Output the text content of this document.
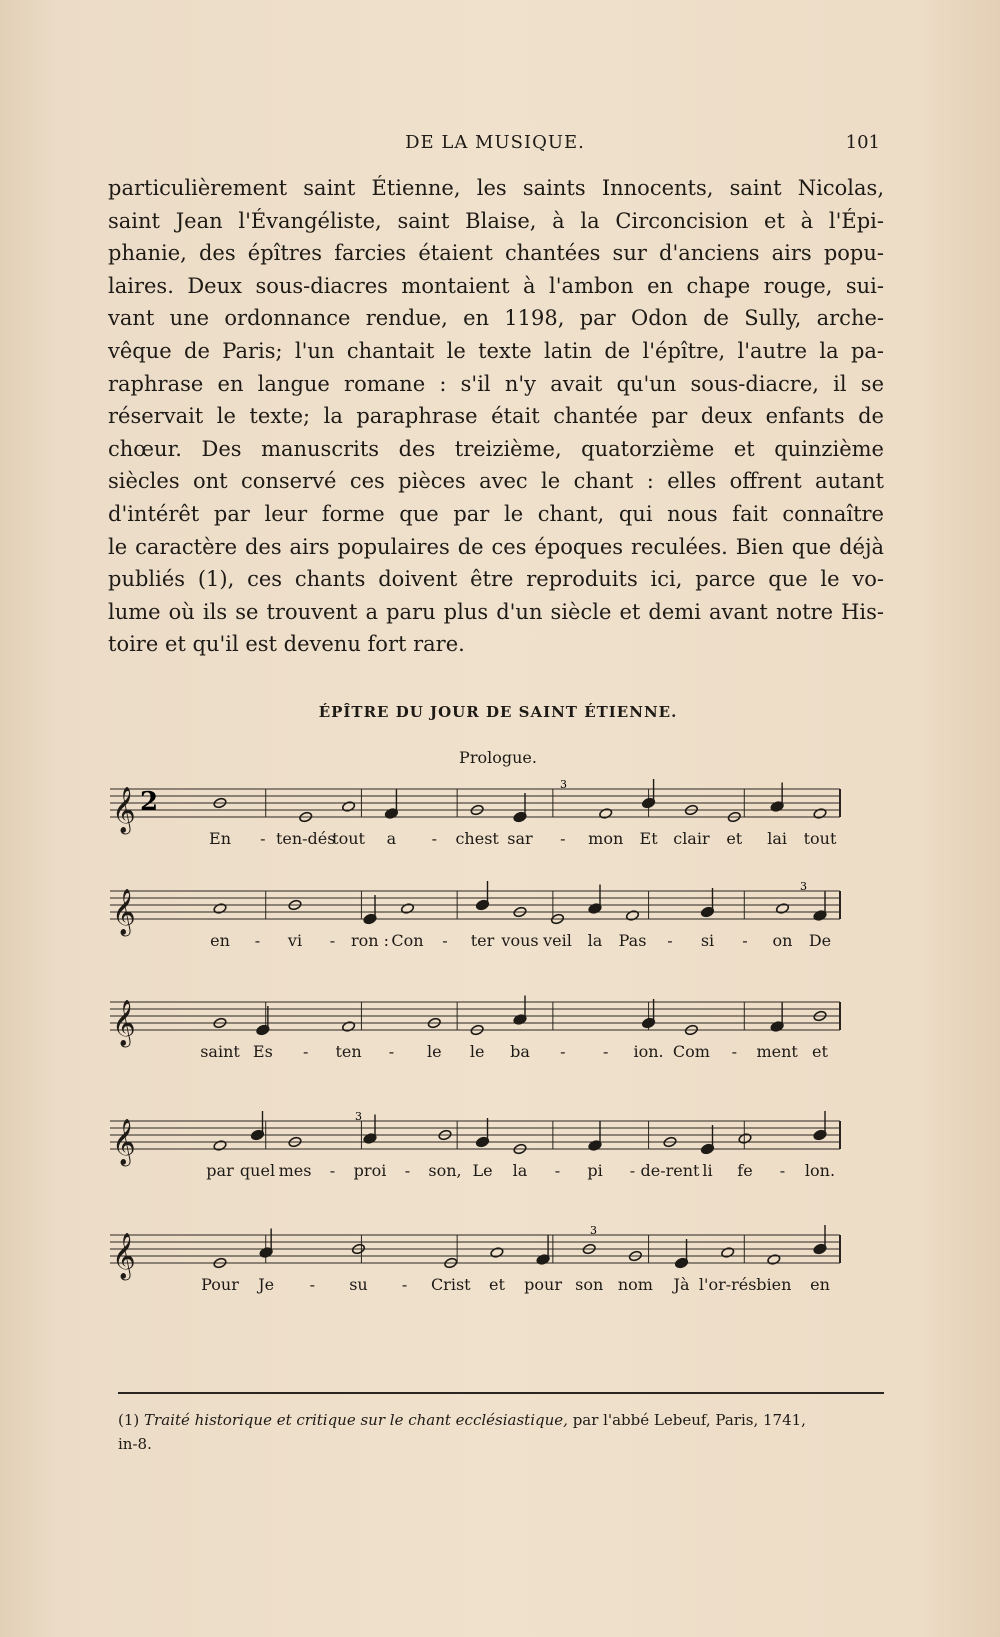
DE LA MUSIQUE.	101
particulièrement saint Étienne, les saints Innocents, saint Nicolas,
saint Jean l'Évangéliste, saint Blaise, à la Circoncision et à l'Épi-
phanie, des épîtres farcies étaient chantées sur d'anciens airs popu-
laires. Deux sous-diacres montaient à l'ambon en chape rouge, sui-
vant une ordonnance rendue, en 1198, par Odon de Sully, arche-
vêque de Paris; l'un chantait le texte latin de l'épître, l'autre la pa-
raphrase en langue romane : s'il n'y avait qu'un sous-diacre, il se
réservait le texte; la paraphrase était chantée par deux enfants de
chœur. Des manuscrits des treizième, quatorzième et quinzième
siècles ont conservé ces pièces avec le chant : elles offrent autant
d'intérêt par leur forme que par le chant, qui nous fait connaître
le caractère des airs populaires de ces époques reculées. Bien que déjà
publiés (1), ces chants doivent être reproduits ici, parce que le vo-
lume où ils se trouvent a paru plus d'un siècle et demi avant notre His-
toire et qu'il est devenu fort rare.
ÉPÎTRE DU JOUR DE SAINT ÉTIENNE.
Prologue.
𝄞 2
3
En - ten-dés
tout a - chest sar - mon Et clair et lai tout
𝄞
3
en - vi - ron : Con - ter vous veil la Pas - si - on De
𝄞
saint Es - ten - le le ba - - ion. Com - ment et
𝄞
3
par quel mes - proi - son, Le la - pi - de-rent li fe - lon.
𝄞
3
Pour Je - su - Crist et pour son nom Jà l'or-rés bien en
(1) Traité historique et critique sur le chant ecclésiastique, par l'abbé Lebeuf, Paris, 1741,
in-8.
